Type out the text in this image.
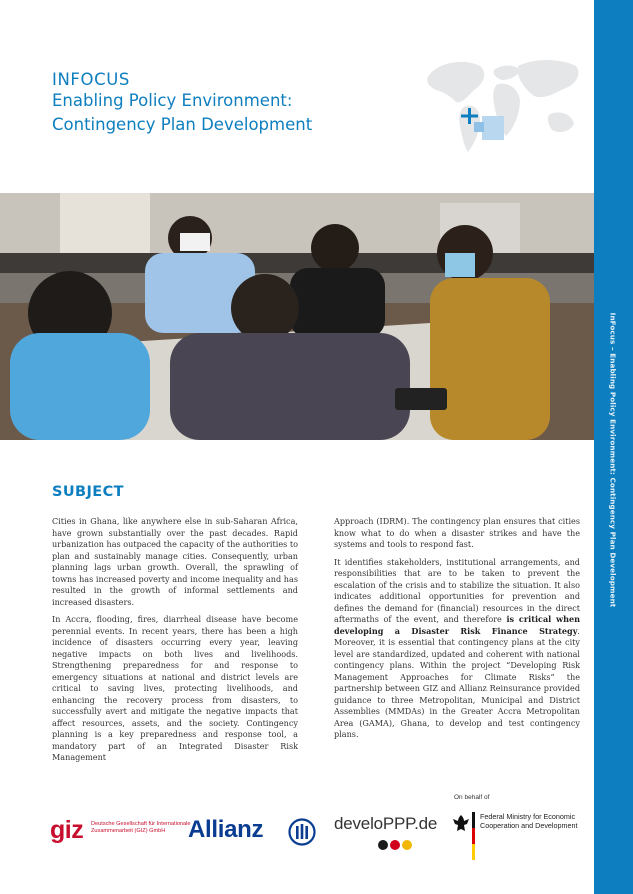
INFOCUS
Enabling Policy Environment:
Contingency Plan Development
SUBJECT

Cities in Ghana, like anywhere else in sub-Saharan Africa, have grown substantially over the past decades. Rapid urbanization has outpaced the capacity of the authorities to plan and sustainably manage cities. Consequently, urban planning lags urban growth. Overall, the sprawling of towns has increased poverty and income inequality and has resulted in the growth of informal settlements and increased disasters.

In Accra, flooding, fires, diarrheal disease have become perennial events. In recent years, there has been a high incidence of disasters occurring every year, leaving negative impacts on both lives and livelihoods. Strengthening preparedness for and response to emergency situations at national and district levels are critical to saving lives, protecting livelihoods, and enhancing the recovery process from disasters, to successfully avert and mitigate the negative impacts that affect resources, assets, and the society. Contingency planning is a key preparedness and response tool, a mandatory part of an Integrated Disaster Risk Management

Approach (IDRM). The contingency plan ensures that cities know what to do when a disaster strikes and have the systems and tools to respond fast.

It identifies stakeholders, institutional arrangements, and responsibilities that are to be taken to prevent the escalation of the crisis and to stabilize the situation. It also indicates additional opportunities for prevention and defines the demand for (financial) resources in the direct aftermaths of the event, and therefore is critical when developing a Disaster Risk Finance Strategy. Moreover, it is essential that contingency plans at the city level are standardized, updated and coherent with national contingency plans. Within the project “Developing Risk Management Approaches for Climate Risks” the partnership between GIZ and Allianz Reinsurance provided guidance to three Metropolitan, Municipal and District Assemblies (MMDAs) in the Greater Accra Metropolitan Area (GAMA), Ghana, to develop and test contingency plans.

On behalf of
giz Deutsche Gesellschaft für Internationale Zusammenarbeit (GIZ) GmbH Allianz	develoPPP.de	Federal Ministry for Economic Cooperation and Development
InFocus – Enabling Policy Environment: Contingency Plan Development
